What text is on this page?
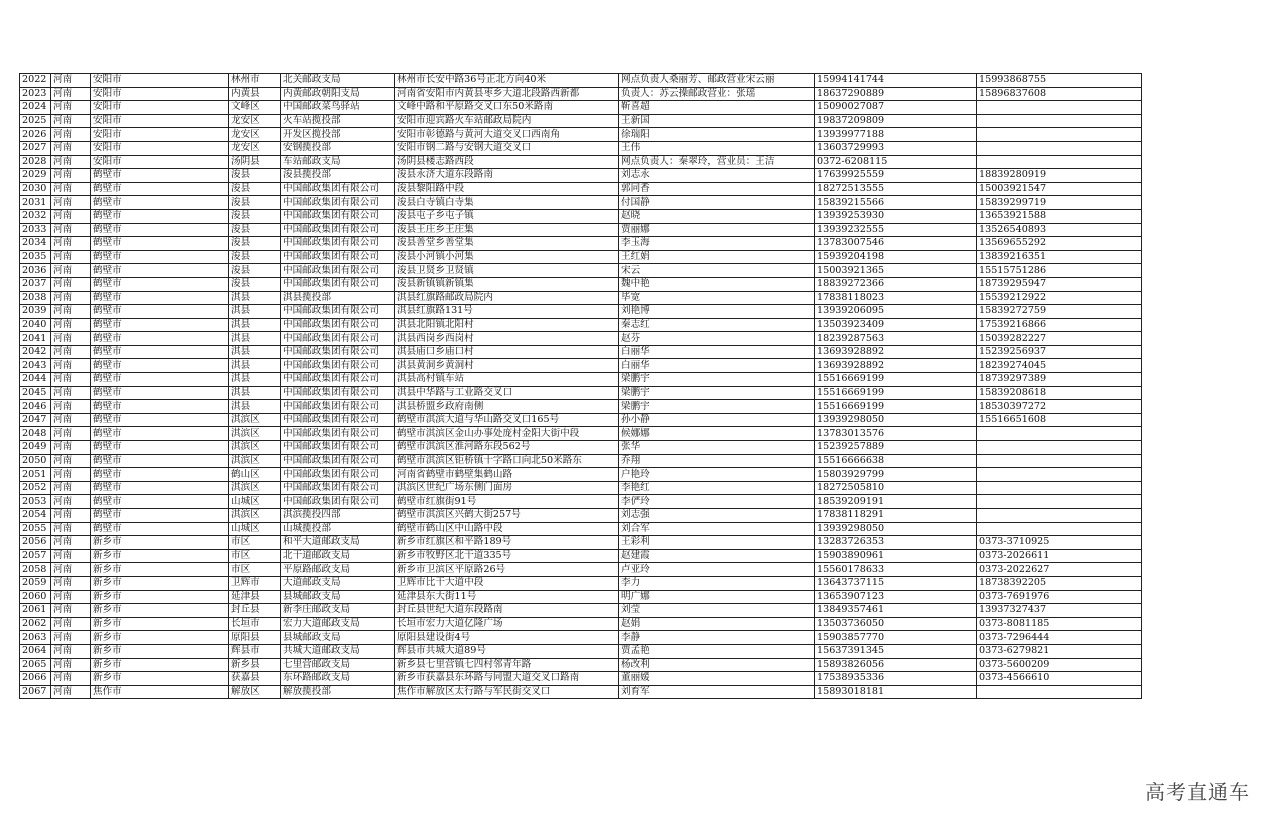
2022	河南	安阳市	林州市	北关邮政支局	林州市长安中路36号正北方向40米	网点负责人桑丽芳、邮政营业宋云丽	15994141744	15993868755
2023	河南	安阳市	内黄县	内黄邮政朝阳支局	河南省安阳市内黄县枣乡大道北段路西新都	负责人：苏云操邮政营业：张瑶	18637290889	15896837608
2024	河南	安阳市	文峰区	中国邮政菜鸟驿站	文峰中路和平原路交叉口东50米路南	靳喜超	15090027087	
2025	河南	安阳市	龙安区	火车站揽投部	安阳市迎宾路火车站邮政局院内	王新国	19837209809	
2026	河南	安阳市	龙安区	开发区揽投部	安阳市彰德路与黄河大道交叉口西南角	徐瑞阳	13939977188	
2027	河南	安阳市	龙安区	安钢揽投部	安阳市钢二路与安钢大道交叉口	王伟	13603729993	
2028	河南	安阳市	汤阴县	车站邮政支局	汤阴县楼志路西段	网点负责人：秦翠玲，营业员：王洁	0372-6208115	
2029	河南	鹤壁市	浚县	浚县揽投部	浚县永济大道东段路南	刘志永	17639925559	18839280919
2030	河南	鹤壁市	浚县	中国邮政集团有限公司	浚县黎阳路中段	郭同香	18272513555	15003921547
2031	河南	鹤壁市	浚县	中国邮政集团有限公司	浚县白寺镇白寺集	付国静	15839215566	15839299719
2032	河南	鹤壁市	浚县	中国邮政集团有限公司	浚县屯子乡屯子镇	赵晓	13939253930	13653921588
2033	河南	鹤壁市	浚县	中国邮政集团有限公司	浚县王庄乡王庄集	贾丽娜	13939232555	13526540893
2034	河南	鹤壁市	浚县	中国邮政集团有限公司	浚县善堂乡善堂集	李玉海	13783007546	13569655292
2035	河南	鹤壁市	浚县	中国邮政集团有限公司	浚县小河镇小河集	王红娟	15939204198	13839216351
2036	河南	鹤壁市	浚县	中国邮政集团有限公司	浚县卫贤乡卫贤镇	宋云	15003921365	15515751286
2037	河南	鹤壁市	浚县	中国邮政集团有限公司	浚县新镇镇新镇集	魏中艳	18839272366	18739295947
2038	河南	鹤壁市	淇县	淇县揽投部	淇县红旗路邮政局院内	毕宽	17838118023	15539212922
2039	河南	鹤壁市	淇县	中国邮政集团有限公司	淇县红旗路131号	刘艳博	13939206095	15839272759
2040	河南	鹤壁市	淇县	中国邮政集团有限公司	淇县北阳镇北阳村	秦志红	13503923409	17539216866
2041	河南	鹤壁市	淇县	中国邮政集团有限公司	淇县西岗乡西岗村	赵芬	18239287563	15039282227
2042	河南	鹤壁市	淇县	中国邮政集团有限公司	淇县庙口乡庙口村	白丽华	13693928892	15239256937
2043	河南	鹤壁市	淇县	中国邮政集团有限公司	淇县黄洞乡黄洞村	白丽华	13693928892	18239274045
2044	河南	鹤壁市	淇县	中国邮政集团有限公司	淇县高村镇车站	梁鹏宇	15516669199	18739297389
2045	河南	鹤壁市	淇县	中国邮政集团有限公司	淇县中华路与工业路交叉口	梁鹏宇	15516669199	15839208618
2046	河南	鹤壁市	淇县	中国邮政集团有限公司	淇县桥盟乡政府南侧	梁鹏宇	15516669199	18530397272
2047	河南	鹤壁市	淇滨区	中国邮政集团有限公司	鹤壁市淇滨大道与华山路交叉口165号	孙小静	13939298050	15516651608
2048	河南	鹤壁市	淇滨区	中国邮政集团有限公司	鹤壁市淇滨区金山办事处庞村金阳大街中段	候娜娜	13783013576	
2049	河南	鹤壁市	淇滨区	中国邮政集团有限公司	鹤壁市淇滨区淮河路东段562号	张华	15239257889	
2050	河南	鹤壁市	淇滨区	中国邮政集团有限公司	鹤壁市淇滨区钜桥镇十字路口向北50米路东	乔翔	15516666638	
2051	河南	鹤壁市	鹤山区	中国邮政集团有限公司	河南省鹤壁市鹤壁集鹤山路	户艳玲	15803929799	
2052	河南	鹤壁市	淇滨区	中国邮政集团有限公司	淇滨区世纪广场东侧门面房	李艳红	18272505810	
2053	河南	鹤壁市	山城区	中国邮政集团有限公司	鹤壁市红旗街91号	李俨玲	18539209191	
2054	河南	鹤壁市	淇滨区	淇滨揽投四部	鹤壁市淇滨区兴鹤大街257号	刘志强	17838118291	
2055	河南	鹤壁市	山城区	山城揽投部	鹤壁市鹤山区中山路中段	刘合军	13939298050	
2056	河南	新乡市	市区	和平大道邮政支局	新乡市红旗区和平路189号	王彩利	13283726353	0373-3710925
2057	河南	新乡市	市区	北干道邮政支局	新乡市牧野区北干道335号	赵建霞	15903890961	0373-2026611
2058	河南	新乡市	市区	平原路邮政支局	新乡市卫滨区平原路26号	卢亚玲	15560178633	0373-2022627
2059	河南	新乡市	卫辉市	大道邮政支局	卫辉市比干大道中段	李力	13643737115	18738392205
2060	河南	新乡市	延津县	县城邮政支局	延津县东大街11号	明广娜	13653907123	0373-7691976
2061	河南	新乡市	封丘县	新李庄邮政支局	封丘县世纪大道东段路南	刘莹	13849357461	13937327437
2062	河南	新乡市	长垣市	宏力大道邮政支局	长垣市宏力大道亿隆广场	赵娟	13503736050	0373-8081185
2063	河南	新乡市	原阳县	县城邮政支局	原阳县建设街4号	李静	15903857770	0373-7296444
2064	河南	新乡市	辉县市	共城大道邮政支局	辉县市共城大道89号	贾孟艳	15637391345	0373-6279821
2065	河南	新乡市	新乡县	七里营邮政支局	新乡县七里营镇七四村邻青年路	杨改利	15893826056	0373-5600209
2066	河南	新乡市	获嘉县	东环路邮政支局	新乡市获嘉县东环路与同盟大道交叉口路南	董丽媛	17538935336	0373-4566610
2067	河南	焦作市	解放区	解放揽投部	焦作市解放区太行路与军民街交叉口	刘育军	15893018181	
高考直通车
